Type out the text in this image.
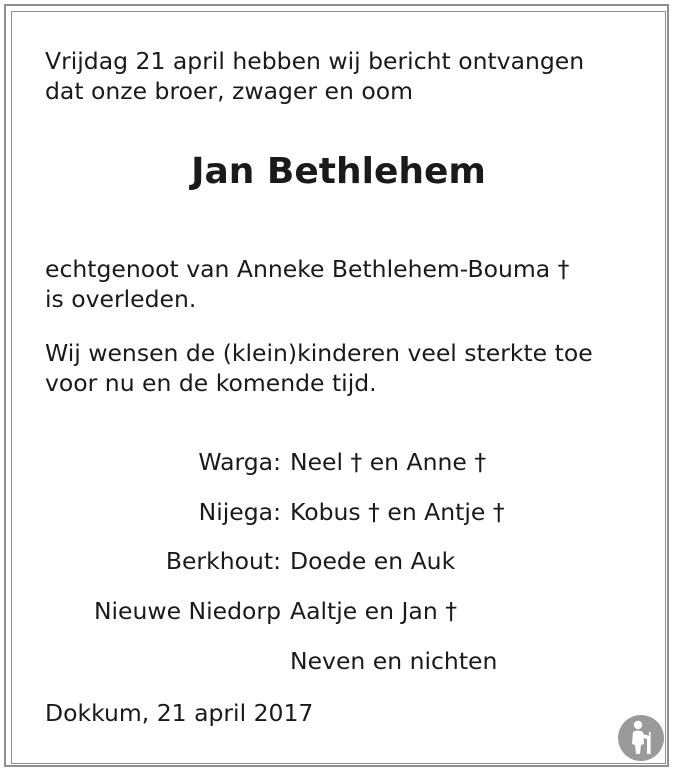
Vrijdag 21 april hebben wij bericht ontvangen
dat onze broer, zwager en oom
Jan Bethlehem
echtgenoot van Anneke Bethlehem-Bouma †
is overleden.
Wij wensen de (klein)kinderen veel sterkte toe
voor nu en de komende tijd.
Warga: Neel † en Anne †
Nijega: Kobus † en Antje †
Berkhout: Doede en Auk
Nieuwe Niedorp Aaltje en Jan †
Neven en nichten
Dokkum, 21 april 2017
